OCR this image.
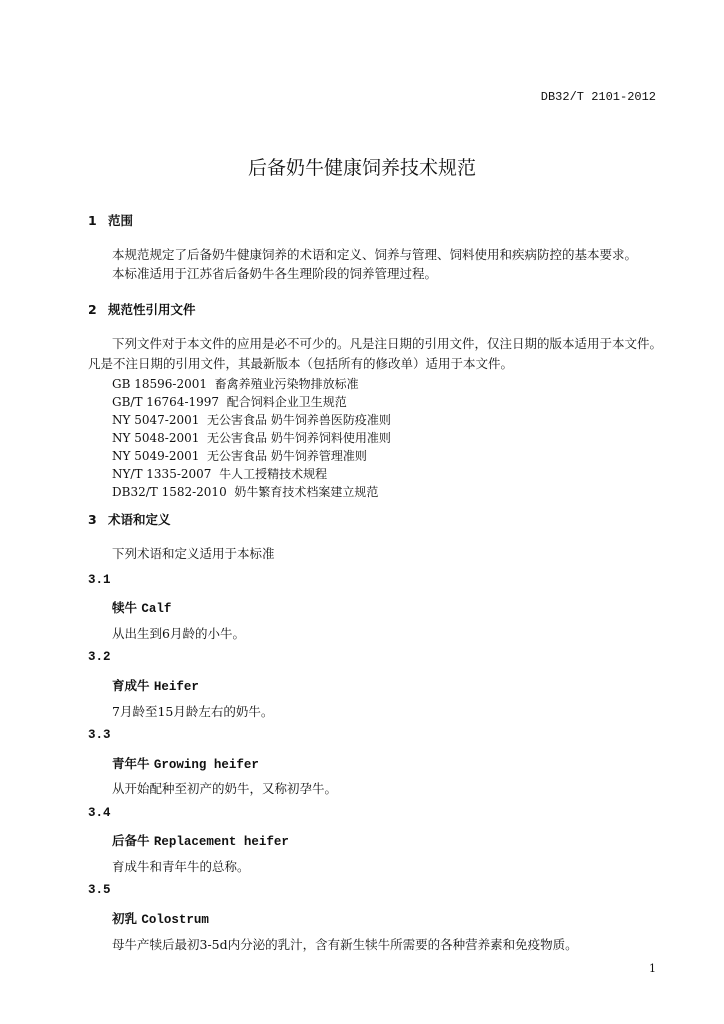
DB32/T 2101-2012
后备奶牛健康饲养技术规范
1 范围
本规范规定了后备奶牛健康饲养的术语和定义、饲养与管理、饲料使用和疾病防控的基本要求。
本标准适用于江苏省后备奶牛各生理阶段的饲养管理过程。
2 规范性引用文件
下列文件对于本文件的应用是必不可少的。凡是注日期的引用文件，仅注日期的版本适用于本文件。
凡是不注日期的引用文件，其最新版本（包括所有的修改单）适用于本文件。
GB 18596-2001 畜禽养殖业污染物排放标准
GB/T 16764-1997 配合饲料企业卫生规范
NY 5047-2001 无公害食品 奶牛饲养兽医防疫准则
NY 5048-2001 无公害食品 奶牛饲养饲料使用准则
NY 5049-2001 无公害食品 奶牛饲养管理准则
NY/T 1335-2007 牛人工授精技术规程
DB32/T 1582-2010 奶牛繁育技术档案建立规范
3 术语和定义
下列术语和定义适用于本标准
3.1
犊牛 Calf
从出生到6月龄的小牛。
3.2
育成牛 Heifer
7月龄至15月龄左右的奶牛。
3.3
青年牛 Growing heifer
从开始配种至初产的奶牛，又称初孕牛。
3.4
后备牛 Replacement heifer
育成牛和青年牛的总称。
3.5
初乳 Colostrum
母牛产犊后最初3-5d内分泌的乳汁，含有新生犊牛所需要的各种营养素和免疫物质。
1
